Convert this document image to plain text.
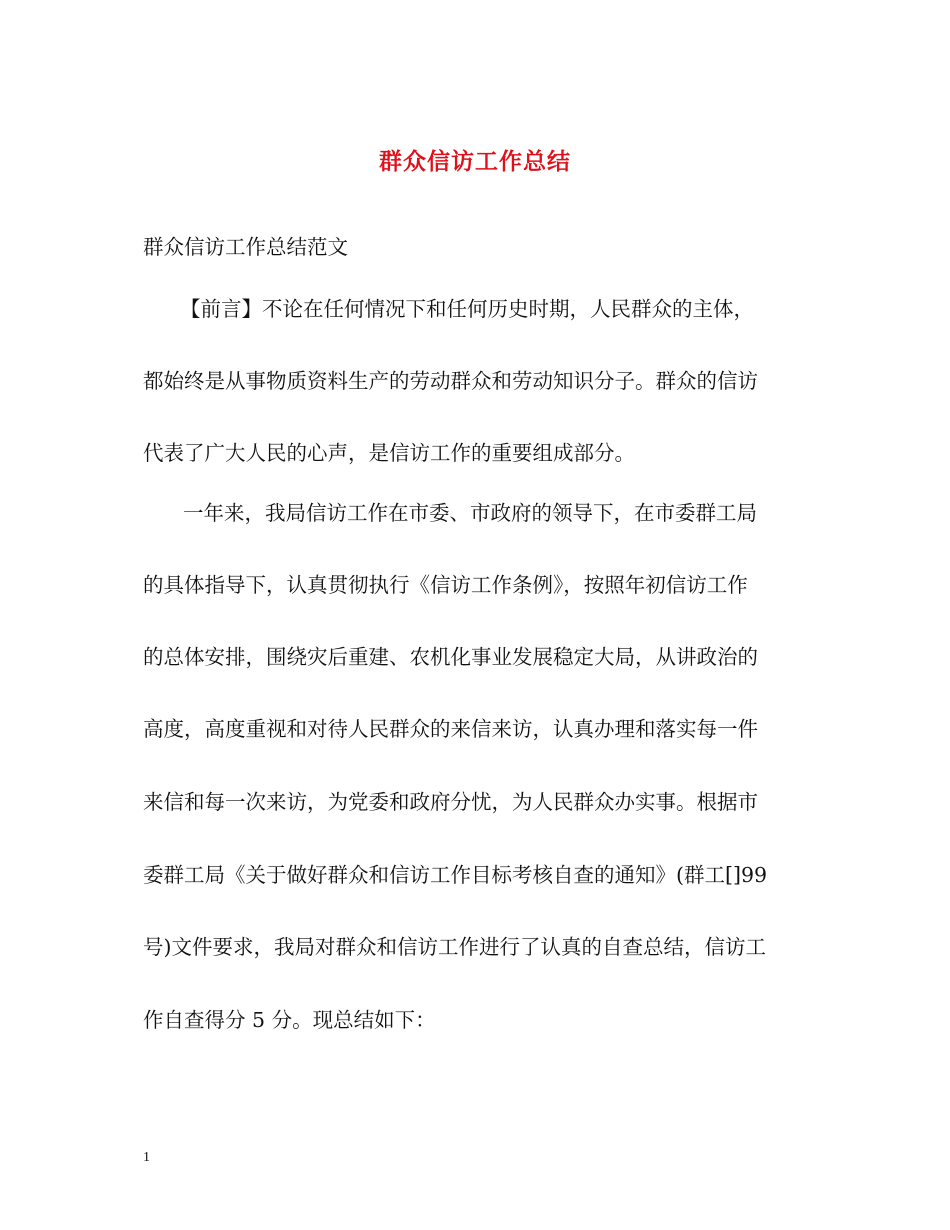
群众信访工作总结
群众信访工作总结范文
【前言】不论在任何情况下和任何历史时期，人民群众的主体，
都始终是从事物质资料生产的劳动群众和劳动知识分子。群众的信访
代表了广大人民的心声，是信访工作的重要组成部分。
一年来，我局信访工作在市委、市政府的领导下，在市委群工局
的具体指导下，认真贯彻执行《信访工作条例》，按照年初信访工作
的总体安排，围绕灾后重建、农机化事业发展稳定大局，从讲政治的
高度，高度重视和对待人民群众的来信来访，认真办理和落实每一件
来信和每一次来访，为党委和政府分忧，为人民群众办实事。根据市
委群工局《关于做好群众和信访工作目标考核自查的通知》(群工[]99
号)文件要求，我局对群众和信访工作进行了认真的自查总结，信访工
作自查得分 5 分。现总结如下：
1
